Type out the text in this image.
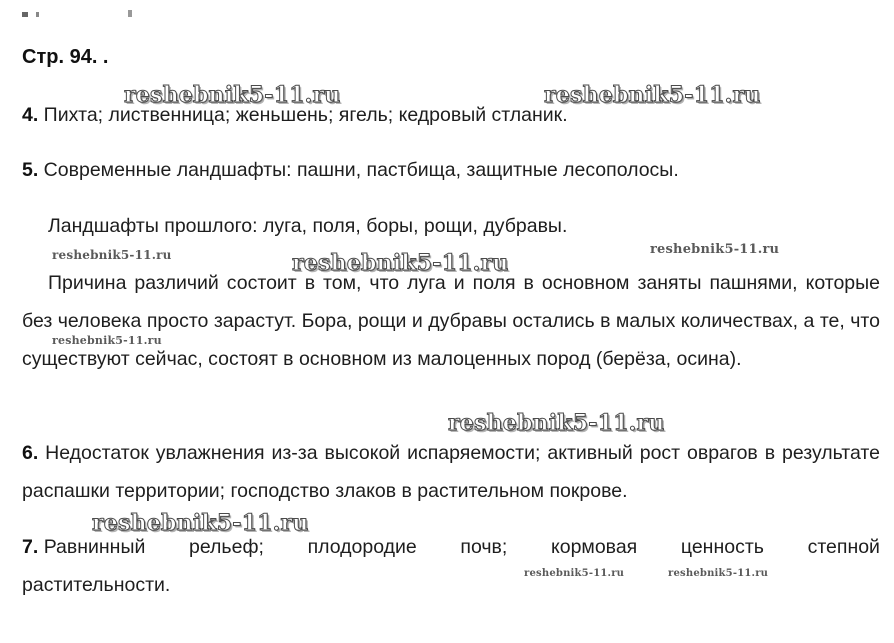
Стр. 94. .
reshebnik5-11.ru	reshebnik5-11.ru
reshebnik5-11.ru	reshebnik5-11.ru
reshebnik5-11.ru
reshebnik5-11.ru
reshebnik5-11.ru
reshebnik5-11.ru
reshebnik5-11.ru	reshebnik5-11.ru

4. Пихта; лиственница; женьшень; ягель; кедровый стланик.

5. Современные ландшафты: пашни, пастбища, защитные лесополосы.

Ландшафты прошлого: луга, поля, боры, рощи, дубравы.

Причина различий состоит в том, что луга и поля в основном заняты пашнями, которые без человека просто зарастут. Бора, рощи и дубравы остались в малых количествах, а те, что существуют сейчас, состоят в основном из малоценных пород (берёза, осина).

6. Недостаток увлажнения из-за высокой испаряемости; активный рост оврагов в результате распашки территории; господство злаков в растительном покрове.

7. Равнинный рельеф; плодородие почв; кормовая ценность степной
растительности.
